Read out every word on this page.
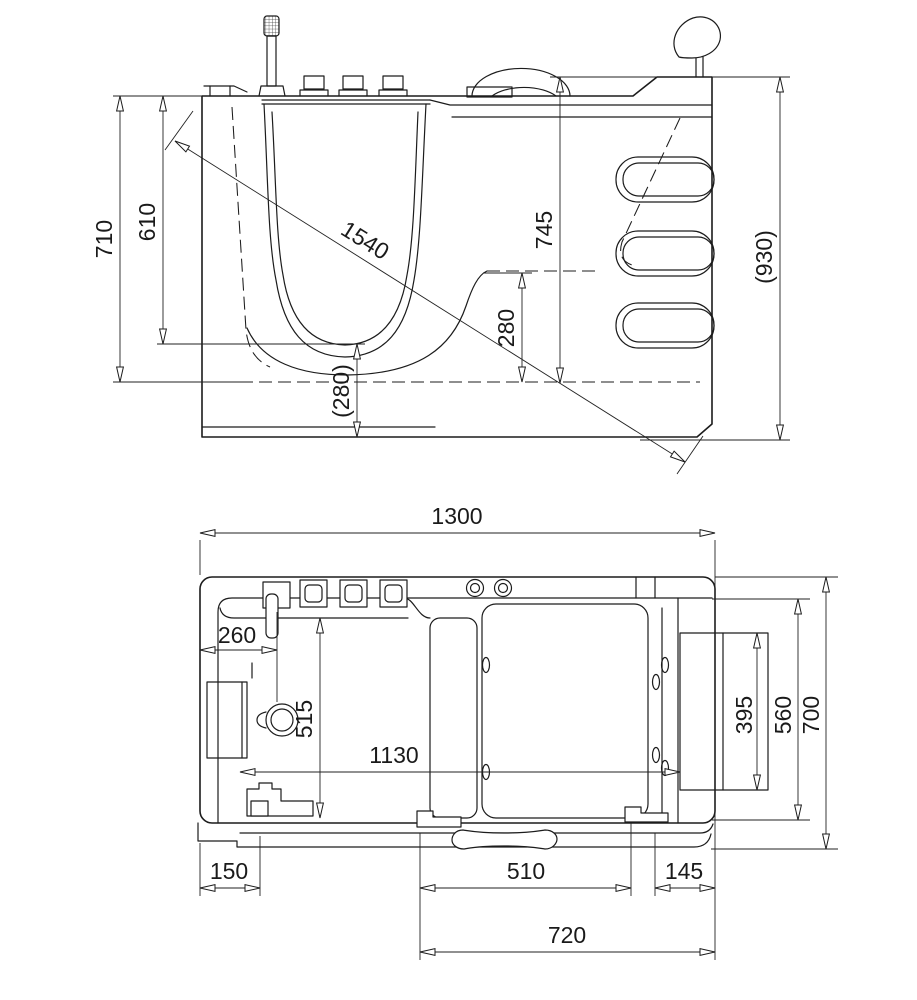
710 610	1540	745
280
(280)
(930)
1300
260
515
1130
395 560 700
150	510	145
720
